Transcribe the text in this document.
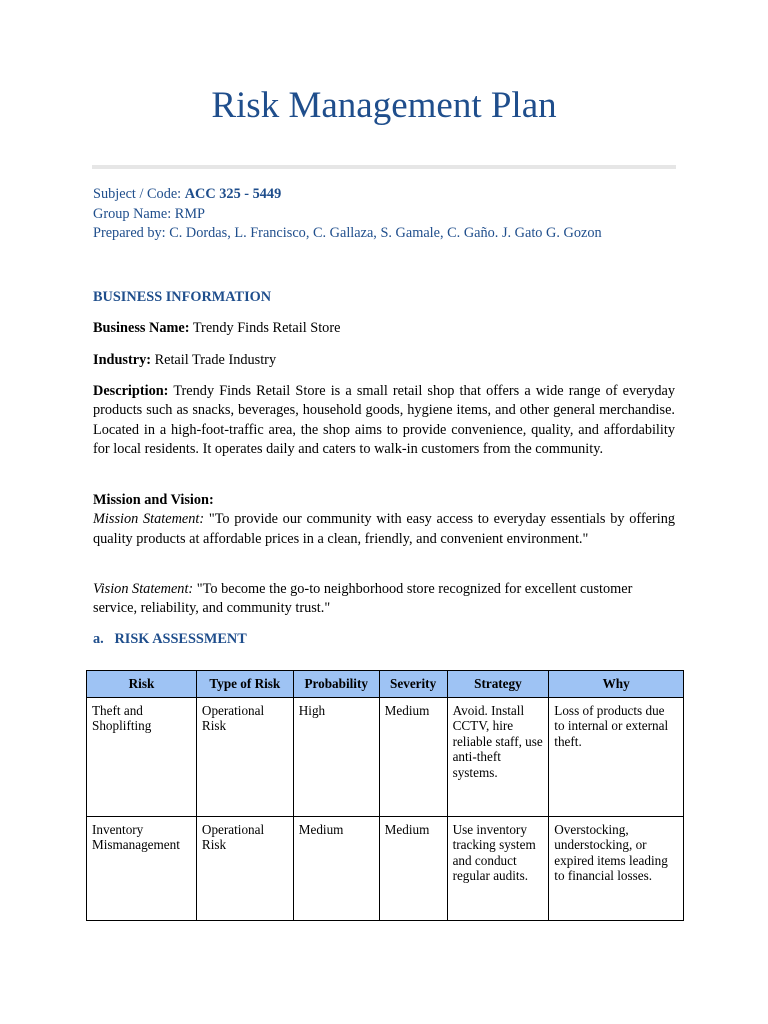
Risk Management Plan
Subject / Code: ACC 325 - 5449
Group Name: RMP
Prepared by: C. Dordas, L. Francisco, C. Gallaza, S. Gamale, C. Gaño. J. Gato G. Gozon
BUSINESS INFORMATION
Business Name: Trendy Finds Retail Store
Industry: Retail Trade Industry
Description: Trendy Finds Retail Store is a small retail shop that offers a wide range of everyday products such as snacks, beverages, household goods, hygiene items, and other general merchandise. Located in a high-foot-traffic area, the shop aims to provide convenience, quality, and affordability for local residents. It operates daily and caters to walk-in customers from the community.
Mission and Vision:
Mission Statement: "To provide our community with easy access to everyday essentials by offering quality products at affordable prices in a clean, friendly, and convenient environment."
Vision Statement: "To become the go-to neighborhood store recognized for excellent customer service, reliability, and community trust."
a.   RISK ASSESSMENT
Risk	Type of Risk	Probability	Severity	Strategy	Why
Theft and Shoplifting	Operational Risk	High	Medium	Avoid. Install CCTV, hire reliable staff, use anti-theft systems.	Loss of products due to internal or external theft.
Inventory Mismanagement	Operational Risk	Medium	Medium	Use inventory tracking system and conduct regular audits.	Overstocking, understocking, or expired items leading to financial losses.
